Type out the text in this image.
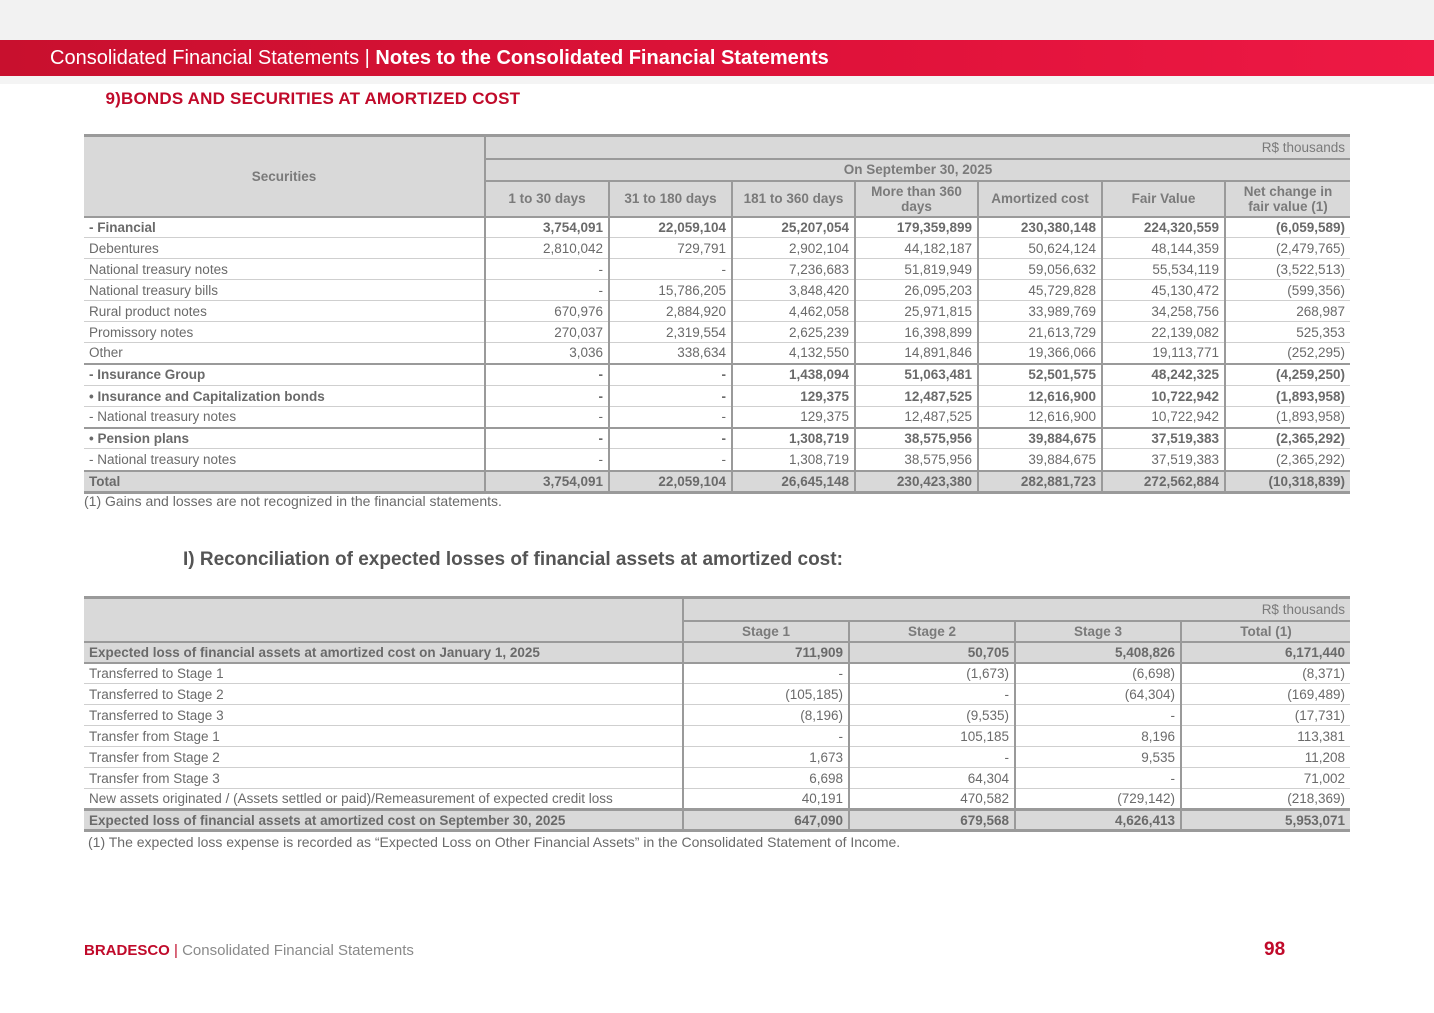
Consolidated Financial Statements | Notes to the Consolidated Financial Statements
9)BONDS AND SECURITIES AT AMORTIZED COST
Securities	R$ thousands						
	On September 30, 2025						
	1 to 30 days	31 to 180 days	181 to 360 days	More than 360 days	Amortized cost	Fair Value	Net change in fair value (1)
- Financial	3,754,091	22,059,104	25,207,054	179,359,899	230,380,148	224,320,559	(6,059,589)
Debentures	2,810,042	729,791	2,902,104	44,182,187	50,624,124	48,144,359	(2,479,765)
National treasury notes	-	-	7,236,683	51,819,949	59,056,632	55,534,119	(3,522,513)
National treasury bills	-	15,786,205	3,848,420	26,095,203	45,729,828	45,130,472	(599,356)
Rural product notes	670,976	2,884,920	4,462,058	25,971,815	33,989,769	34,258,756	268,987
Promissory notes	270,037	2,319,554	2,625,239	16,398,899	21,613,729	22,139,082	525,353
Other	3,036	338,634	4,132,550	14,891,846	19,366,066	19,113,771	(252,295)
- Insurance Group	-	-	1,438,094	51,063,481	52,501,575	48,242,325	(4,259,250)
• Insurance and Capitalization bonds	-	-	129,375	12,487,525	12,616,900	10,722,942	(1,893,958)
- National treasury notes	-	-	129,375	12,487,525	12,616,900	10,722,942	(1,893,958)
• Pension plans	-	-	1,308,719	38,575,956	39,884,675	37,519,383	(2,365,292)
- National treasury notes	-	-	1,308,719	38,575,956	39,884,675	37,519,383	(2,365,292)
Total	3,754,091	22,059,104	26,645,148	230,423,380	282,881,723	272,562,884	(10,318,839)
(1) Gains and losses are not recognized in the financial statements.
I) Reconciliation of expected losses of financial assets at amortized cost:
	R$ thousands			
	Stage 1	Stage 2	Stage 3	Total (1)
Expected loss of financial assets at amortized cost on January 1, 2025	711,909	50,705	5,408,826	6,171,440
Transferred to Stage 1	-	(1,673)	(6,698)	(8,371)
Transferred to Stage 2	(105,185)	-	(64,304)	(169,489)
Transferred to Stage 3	(8,196)	(9,535)	-	(17,731)
Transfer from Stage 1	-	105,185	8,196	113,381
Transfer from Stage 2	1,673	-	9,535	11,208
Transfer from Stage 3	6,698	64,304	-	71,002
New assets originated / (Assets settled or paid)/Remeasurement of expected credit loss	40,191	470,582	(729,142)	(218,369)
Expected loss of financial assets at amortized cost on September 30, 2025	647,090	679,568	4,626,413	5,953,071
(1) The expected loss expense is recorded as “Expected Loss on Other Financial Assets” in the Consolidated Statement of Income.
BRADESCO | Consolidated Financial Statements	98
